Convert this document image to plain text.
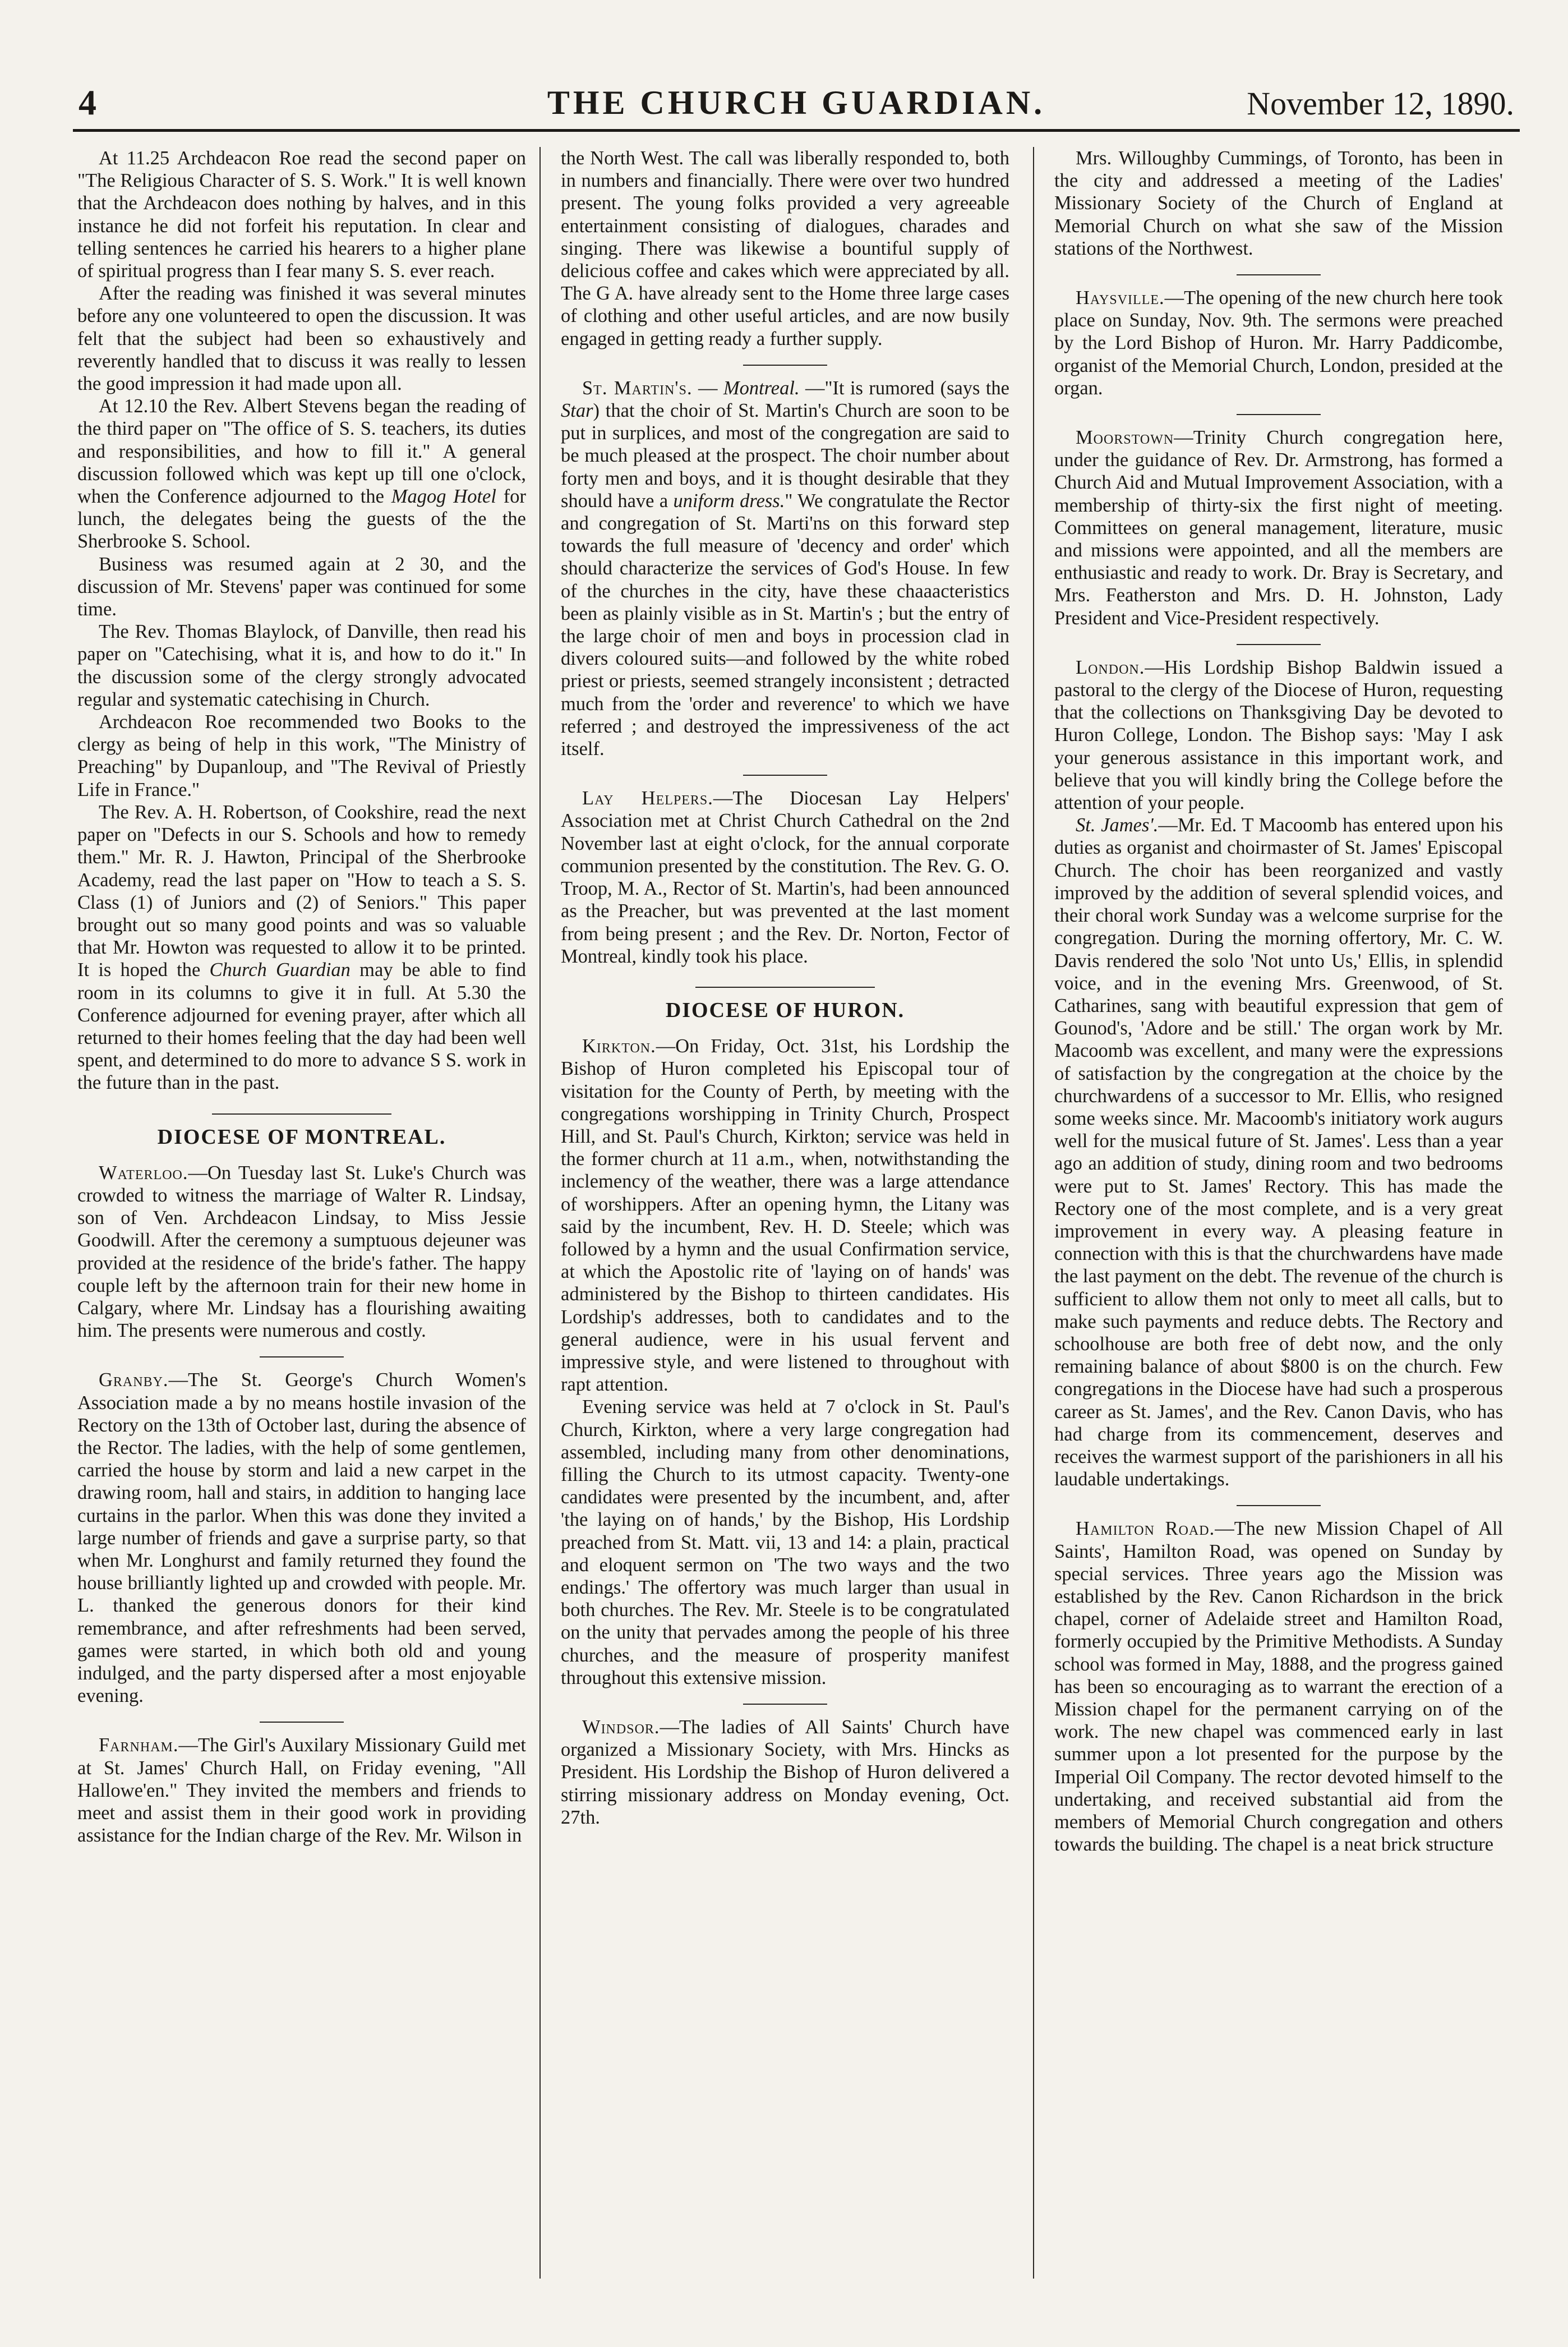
4	THE CHURCH GUARDIAN.	November 12, 1890.

At 11.25 Archdeacon Roe read the second paper on "The Religious Character of S. S. Work." It is well known that the Archdeacon does nothing by halves, and in this instance he did not forfeit his reputation. In clear and telling sentences he carried his hearers to a higher plane of spiritual progress than I fear many S. S. ever reach.

After the reading was finished it was several minutes before any one volunteered to open the discussion. It was felt that the subject had been so exhaustively and reverently handled that to discuss it was really to lessen the good impression it had made upon all.

At 12.10 the Rev. Albert Stevens began the reading of the third paper on "The office of S. S. teachers, its duties and responsibilities, and how to fill it." A general discussion followed which was kept up till one o'clock, when the Conference adjourned to the Magog Hotel for lunch, the delegates being the guests of the the Sherbrooke S. School.

Business was resumed again at 2 30, and the discussion of Mr. Stevens' paper was continued for some time.

The Rev. Thomas Blaylock, of Danville, then read his paper on "Catechising, what it is, and how to do it." In the discussion some of the clergy strongly advocated regular and systematic catechising in Church.

Archdeacon Roe recommended two Books to the clergy as being of help in this work, "The Ministry of Preaching" by Dupanloup, and "The Revival of Priestly Life in France."

The Rev. A. H. Robertson, of Cookshire, read the next paper on "Defects in our S. Schools and how to remedy them." Mr. R. J. Hawton, Principal of the Sherbrooke Academy, read the last paper on "How to teach a S. S. Class (1) of Juniors and (2) of Seniors." This paper brought out so many good points and was so valuable that Mr. Howton was requested to allow it to be printed. It is hoped the Church Guardian may be able to find room in its columns to give it in full. At 5.30 the Conference adjourned for evening prayer, after which all returned to their homes feeling that the day had been well spent, and determined to do more to advance S S. work in the future than in the past.

DIOCESE OF MONTREAL.

Waterloo.—On Tuesday last St. Luke's Church was crowded to witness the marriage of Walter R. Lindsay, son of Ven. Archdeacon Lindsay, to Miss Jessie Goodwill. After the ceremony a sumptuous dejeuner was provided at the residence of the bride's father. The happy couple left by the afternoon train for their new home in Calgary, where Mr. Lindsay has a flourishing awaiting him. The presents were numerous and costly.

Granby.—The St. George's Church Women's Association made a by no means hostile invasion of the Rectory on the 13th of October last, during the absence of the Rector. The ladies, with the help of some gentlemen, carried the house by storm and laid a new carpet in the drawing room, hall and stairs, in addition to hanging lace curtains in the parlor. When this was done they invited a large number of friends and gave a surprise party, so that when Mr. Longhurst and family returned they found the house brilliantly lighted up and crowded with people. Mr. L. thanked the generous donors for their kind remembrance, and after refreshments had been served, games were started, in which both old and young indulged, and the party dispersed after a most enjoyable evening.

Farnham.—The Girl's Auxilary Missionary Guild met at St. James' Church Hall, on Friday evening, "All Hallowe'en." They invited the members and friends to meet and assist them in their good work in providing assistance for the Indian charge of the Rev. Mr. Wilson in

the North West. The call was liberally responded to, both in numbers and financially. There were over two hundred present. The young folks provided a very agreeable entertainment consisting of dialogues, charades and singing. There was likewise a bountiful supply of delicious coffee and cakes which were appreciated by all. The G A. have already sent to the Home three large cases of clothing and other useful articles, and are now busily engaged in getting ready a further supply.

St. Martin's. — Montreal. —"It is rumored (says the Star) that the choir of St. Martin's Church are soon to be put in surplices, and most of the congregation are said to be much pleased at the prospect. The choir number about forty men and boys, and it is thought desirable that they should have a uniform dress." We congratulate the Rector and congregation of St. Marti'ns on this forward step towards the full measure of 'decency and order' which should characterize the services of God's House. In few of the churches in the city, have these chaaacteristics been as plainly visible as in St. Martin's ; but the entry of the large choir of men and boys in procession clad in divers coloured suits—and followed by the white robed priest or priests, seemed strangely inconsistent ; detracted much from the 'order and reverence' to which we have referred ; and destroyed the impressiveness of the act itself.

Lay Helpers.—The Diocesan Lay Helpers' Association met at Christ Church Cathedral on the 2nd November last at eight o'clock, for the annual corporate communion presented by the constitution. The Rev. G. O. Troop, M. A., Rector of St. Martin's, had been announced as the Preacher, but was prevented at the last moment from being present ; and the Rev. Dr. Norton, Fector of Montreal, kindly took his place.

DIOCESE OF HURON.

Kirkton.—On Friday, Oct. 31st, his Lordship the Bishop of Huron completed his Episcopal tour of visitation for the County of Perth, by meeting with the congregations worshipping in Trinity Church, Prospect Hill, and St. Paul's Church, Kirkton; service was held in the former church at 11 a.m., when, notwithstanding the inclemency of the weather, there was a large attendance of worshippers. After an opening hymn, the Litany was said by the incumbent, Rev. H. D. Steele; which was followed by a hymn and the usual Confirmation service, at which the Apostolic rite of 'laying on of hands' was administered by the Bishop to thirteen candidates. His Lordship's addresses, both to candidates and to the general audience, were in his usual fervent and impressive style, and were listened to throughout with rapt attention.

Evening service was held at 7 o'clock in St. Paul's Church, Kirkton, where a very large congregation had assembled, including many from other denominations, filling the Church to its utmost capacity. Twenty-one candidates were presented by the incumbent, and, after 'the laying on of hands,' by the Bishop, His Lordship preached from St. Matt. vii, 13 and 14: a plain, practical and eloquent sermon on 'The two ways and the two endings.' The offertory was much larger than usual in both churches. The Rev. Mr. Steele is to be congratulated on the unity that pervades among the people of his three churches, and the measure of prosperity manifest throughout this extensive mission.

Windsor.—The ladies of All Saints' Church have organized a Missionary Society, with Mrs. Hincks as President. His Lordship the Bishop of Huron delivered a stirring missionary address on Monday evening, Oct. 27th.

Mrs. Willoughby Cummings, of Toronto, has been in the city and addressed a meeting of the Ladies' Missionary Society of the Church of England at Memorial Church on what she saw of the Mission stations of the Northwest.

Haysville.—The opening of the new church here took place on Sunday, Nov. 9th. The sermons were preached by the Lord Bishop of Huron. Mr. Harry Paddicombe, organist of the Memorial Church, London, presided at the organ.

Moorstown—Trinity Church congregation here, under the guidance of Rev. Dr. Armstrong, has formed a Church Aid and Mutual Improvement Association, with a membership of thirty-six the first night of meeting. Committees on general management, literature, music and missions were appointed, and all the members are enthusiastic and ready to work. Dr. Bray is Secretary, and Mrs. Featherston and Mrs. D. H. Johnston, Lady President and Vice-President respectively.

London.—His Lordship Bishop Baldwin issued a pastoral to the clergy of the Diocese of Huron, requesting that the collections on Thanksgiving Day be devoted to Huron College, London. The Bishop says: 'May I ask your generous assistance in this important work, and believe that you will kindly bring the College before the attention of your people.

St. James'.—Mr. Ed. T Macoomb has entered upon his duties as organist and choirmaster of St. James' Episcopal Church. The choir has been reorganized and vastly improved by the addition of several splendid voices, and their choral work Sunday was a welcome surprise for the congregation. During the morning offertory, Mr. C. W. Davis rendered the solo 'Not unto Us,' Ellis, in splendid voice, and in the evening Mrs. Greenwood, of St. Catharines, sang with beautiful expression that gem of Gounod's, 'Adore and be still.' The organ work by Mr. Macoomb was excellent, and many were the expressions of satisfaction by the congregation at the choice by the churchwardens of a successor to Mr. Ellis, who resigned some weeks since. Mr. Macoomb's initiatory work augurs well for the musical future of St. James'. Less than a year ago an addition of study, dining room and two bedrooms were put to St. James' Rectory. This has made the Rectory one of the most complete, and is a very great improvement in every way. A pleasing feature in connection with this is that the churchwardens have made the last payment on the debt. The revenue of the church is sufficient to allow them not only to meet all calls, but to make such payments and reduce debts. The Rectory and schoolhouse are both free of debt now, and the only remaining balance of about $800 is on the church. Few congregations in the Diocese have had such a prosperous career as St. James', and the Rev. Canon Davis, who has had charge from its commencement, deserves and receives the warmest support of the parishioners in all his laudable undertakings.

Hamilton Road.—The new Mission Chapel of All Saints', Hamilton Road, was opened on Sunday by special services. Three years ago the Mission was established by the Rev. Canon Richardson in the brick chapel, corner of Adelaide street and Hamilton Road, formerly occupied by the Primitive Methodists. A Sunday school was formed in May, 1888, and the progress gained has been so encouraging as to warrant the erection of a Mission chapel for the permanent carrying on of the work. The new chapel was commenced early in last summer upon a lot presented for the purpose by the Imperial Oil Company. The rector devoted himself to the undertaking, and received substantial aid from the members of Memorial Church congregation and others towards the building. The chapel is a neat brick structure
